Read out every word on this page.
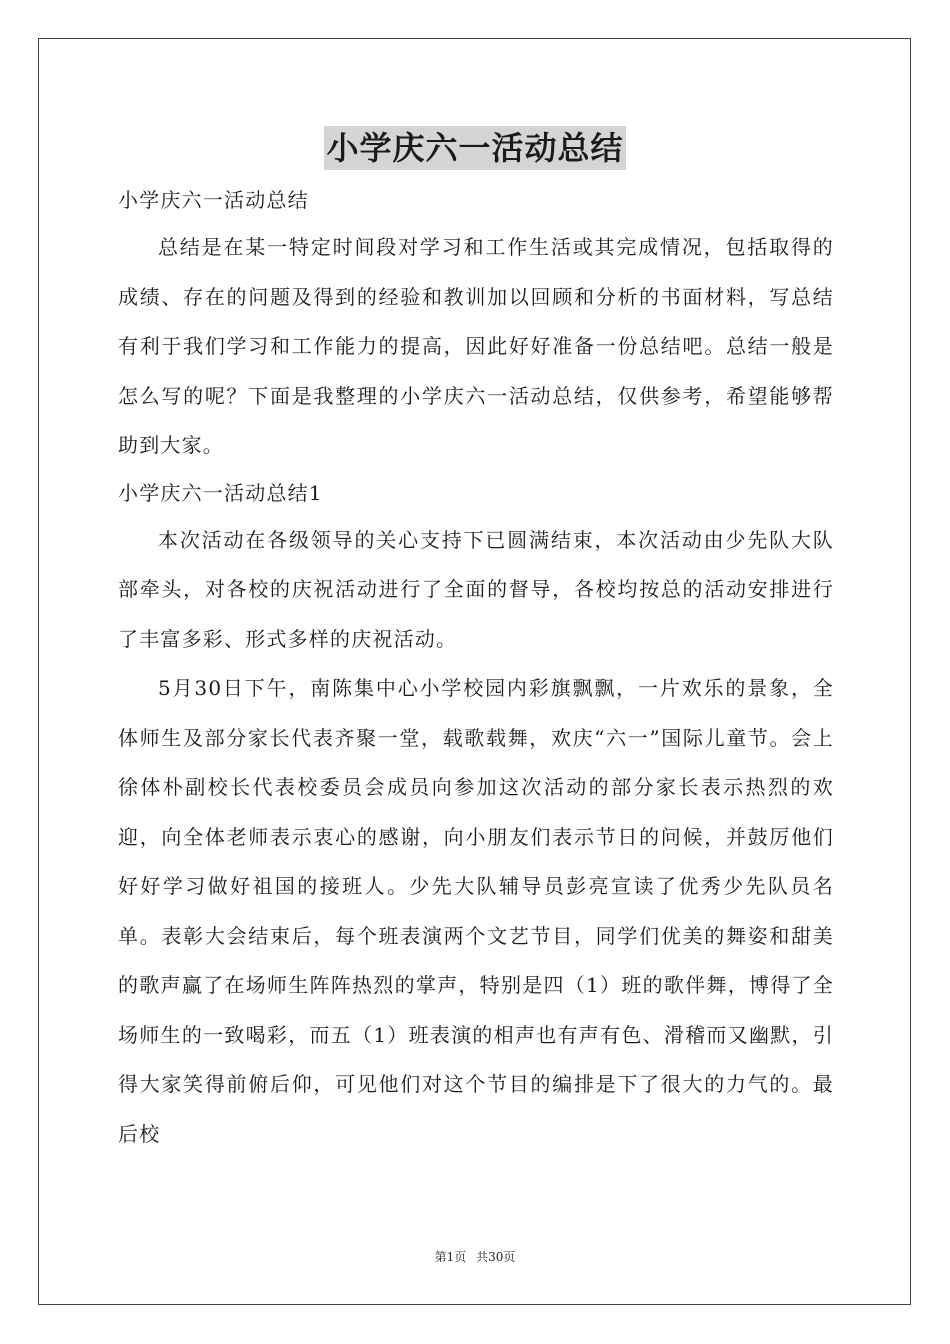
小学庆六一活动总结

小学庆六一活动总结

总结是在某一特定时间段对学习和工作生活或其完成情况，包括取得的成绩、存在的问题及得到的经验和教训加以回顾和分析的书面材料，写总结有利于我们学习和工作能力的提高，因此好好准备一份总结吧。总结一般是怎么写的呢？下面是我整理的小学庆六一活动总结，仅供参考，希望能够帮助到大家。

小学庆六一活动总结1

本次活动在各级领导的关心支持下已圆满结束，本次活动由少先队大队部牵头，对各校的庆祝活动进行了全面的督导，各校均按总的活动安排进行了丰富多彩、形式多样的庆祝活动。

5月30日下午，南陈集中心小学校园内彩旗飘飘，一片欢乐的景象，全体师生及部分家长代表齐聚一堂，载歌载舞，欢庆“六一”国际儿童节。会上徐体朴副校长代表校委员会成员向参加这次活动的部分家长表示热烈的欢迎，向全体老师表示衷心的感谢，向小朋友们表示节日的问候，并鼓厉他们好好学习做好祖国的接班人。少先大队辅导员彭亮宣读了优秀少先队员名单。表彰大会结束后，每个班表演两个文艺节目，同学们优美的舞姿和甜美的歌声赢了在场师生阵阵热烈的掌声，特别是四（1）班的歌伴舞，博得了全场师生的一致喝彩，而五（1）班表演的相声也有声有色、滑稽而又幽默，引得大家笑得前俯后仰，可见他们对这个节目的编排是下了很大的力气的。最后校

第1页 共30页
